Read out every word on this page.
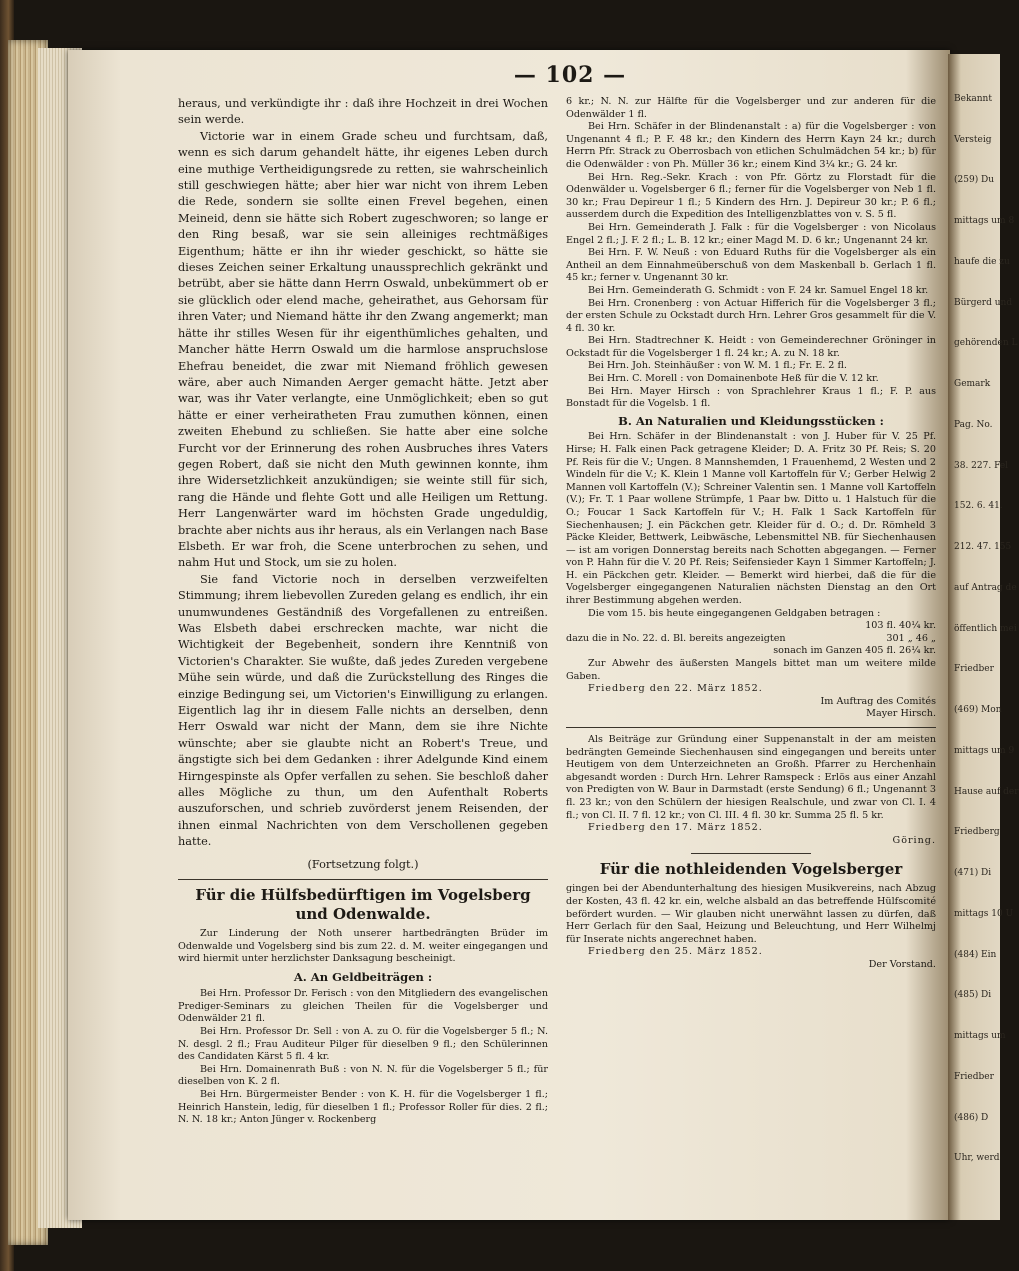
— 102 —

heraus, und verkündigte ihr : daß ihre Hochzeit in drei Wochen sein werde.

Victorie war in einem Grade scheu und furchtsam, daß, wenn es sich darum gehandelt hätte, ihr eigenes Leben durch eine muthige Vertheidigungsrede zu retten, sie wahrscheinlich still geschwiegen hätte; aber hier war nicht von ihrem Leben die Rede, sondern sie sollte einen Frevel begehen, einen Meineid, denn sie hätte sich Robert zugeschworen; so lange er den Ring besaß, war sie sein alleiniges rechtmäßiges Eigenthum; hätte er ihn ihr wieder geschickt, so hätte sie dieses Zeichen seiner Erkaltung unaussprechlich gekränkt und betrübt, aber sie hätte dann Herrn Oswald, unbekümmert ob er sie glücklich oder elend mache, geheirathet, aus Gehorsam für ihren Vater; und Niemand hätte ihr den Zwang angemerkt; man hätte ihr stilles Wesen für ihr eigenthümliches gehalten, und Mancher hätte Herrn Oswald um die harmlose anspruchslose Ehefrau beneidet, die zwar mit Niemand fröhlich gewesen wäre, aber auch Nimanden Aerger gemacht hätte. Jetzt aber war, was ihr Vater verlangte, eine Unmöglichkeit; eben so gut hätte er einer verheiratheten Frau zumuthen können, einen zweiten Ehebund zu schließen. Sie hatte aber eine solche Furcht vor der Erinnerung des rohen Ausbruches ihres Vaters gegen Robert, daß sie nicht den Muth gewinnen konnte, ihm ihre Widersetzlichkeit anzukündigen; sie weinte still für sich, rang die Hände und flehte Gott und alle Heiligen um Rettung. Herr Langenwärter ward im höchsten Grade ungeduldig, brachte aber nichts aus ihr heraus, als ein Verlangen nach Base Elsbeth. Er war froh, die Scene unterbrochen zu sehen, und nahm Hut und Stock, um sie zu holen.

Sie fand Victorie noch in derselben verzweifelten Stimmung; ihrem liebevollen Zureden gelang es endlich, ihr ein unumwundenes Geständniß des Vorgefallenen zu entreißen. Was Elsbeth dabei erschrecken machte, war nicht die Wichtigkeit der Begebenheit, sondern ihre Kenntniß von Victorien's Charakter. Sie wußte, daß jedes Zureden vergebene Mühe sein würde, und daß die Zurückstellung des Ringes die einzige Bedingung sei, um Victorien's Einwilligung zu erlangen. Eigentlich lag ihr in diesem Falle nichts an derselben, denn Herr Oswald war nicht der Mann, dem sie ihre Nichte wünschte; aber sie glaubte nicht an Robert's Treue, und ängstigte sich bei dem Gedanken : ihrer Adelgunde Kind einem Hirngespinste als Opfer verfallen zu sehen. Sie beschloß daher alles Mögliche zu thun, um den Aufenthalt Roberts auszuforschen, und schrieb zuvörderst jenem Reisenden, der ihnen einmal Nachrichten von dem Verschollenen gegeben hatte.

(Fortsetzung folgt.)

Für die Hülfsbedürftigen im Vogelsberg und Odenwalde.

Zur Linderung der Noth unserer hartbedrängten Brüder im Odenwalde und Vogelsberg sind bis zum 22. d. M. weiter eingegangen und wird hiermit unter herzlichster Danksagung bescheinigt.

A. An Geldbeiträgen :

Bei Hrn. Professor Dr. Ferisch : von den Mitgliedern des evangelischen Prediger-Seminars zu gleichen Theilen für die Vogelsberger und Odenwälder 21 fl.

Bei Hrn. Professor Dr. Sell : von A. zu O. für die Vogelsberger 5 fl.; N. N. desgl. 2 fl.; Frau Auditeur Pilger für dieselben 9 fl.; den Schülerinnen des Candidaten Kärst 5 fl. 4 kr.

Bei Hrn. Domainenrath Buß : von N. N. für die Vogelsberger 5 fl.; für dieselben von K. 2 fl.

Bei Hrn. Bürgermeister Bender : von K. H. für die Vogelsberger 1 fl.; Heinrich Hanstein, ledig, für dieselben 1 fl.; Professor Roller für dies. 2 fl.; N. N. 18 kr.; Anton Jünger v. Rockenberg

6 kr.; N. N. zur Hälfte für die Vogelsberger und zur anderen für die Odenwälder 1 fl.

Bei Hrn. Schäfer in der Blindenanstalt : a) für die Vogelsberger : von Ungenannt 4 fl.; P. F. 48 kr.; den Kindern des Herrn Kayn 24 kr.; durch Herrn Pfr. Strack zu Oberrosbach von etlichen Schulmädchen 54 kr.; b) für die Odenwälder : von Ph. Müller 36 kr.; einem Kind 3¼ kr.; G. 24 kr.

Bei Hrn. Reg.-Sekr. Krach : von Pfr. Görtz zu Florstadt für die Odenwälder u. Vogelsberger 6 fl.; ferner für die Vogelsberger von Neb 1 fl. 30 kr.; Frau Depireur 1 fl.; 5 Kindern des Hrn. J. Depireur 30 kr.; P. 6 fl.; ausserdem durch die Expedition des Intelligenzblattes von v. S. 5 fl.

Bei Hrn. Gemeinderath J. Falk : für die Vogelsberger : von Nicolaus Engel 2 fl.; J. F. 2 fl.; L. B. 12 kr.; einer Magd M. D. 6 kr.; Ungenannt 24 kr.

Bei Hrn. F. W. Neuß : von Eduard Ruths für die Vogelsberger als ein Antheil an dem Einnahmeüberschuß von dem Maskenball b. Gerlach 1 fl. 45 kr.; ferner v. Ungenannt 30 kr.

Bei Hrn. Gemeinderath G. Schmidt : von F. 24 kr. Samuel Engel 18 kr.

Bei Hrn. Cronenberg : von Actuar Hifferich für die Vogelsberger 3 fl.; der ersten Schule zu Ockstadt durch Hrn. Lehrer Gros gesammelt für die V. 4 fl. 30 kr.

Bei Hrn. Stadtrechner K. Heidt : von Gemeinderechner Gröninger in Ockstadt für die Vogelsberger 1 fl. 24 kr.; A. zu N. 18 kr.

Bei Hrn. Joh. Steinhäußer : von W. M. 1 fl.; Fr. E. 2 fl.

Bei Hrn. C. Morell : von Domainenbote Heß für die V. 12 kr.

Bei Hrn. Mayer Hirsch : von Sprachlehrer Kraus 1 fl.; F. P. aus Bonstadt für die Vogelsb. 1 fl.

B. An Naturalien und Kleidungsstücken :

Bei Hrn. Schäfer in der Blindenanstalt : von J. Huber für V. 25 Pf. Hirse; H. Falk einen Pack getragene Kleider; D. A. Fritz 30 Pf. Reis; S. 20 Pf. Reis für die V.; Ungen. 8 Mannshemden, 1 Frauenhemd, 2 Westen und 2 Windeln für die V.; K. Klein 1 Manne voll Kartoffeln für V.; Gerber Helwig 2 Mannen voll Kartoffeln (V.); Schreiner Valentin sen. 1 Manne voll Kartoffeln (V.); Fr. T. 1 Paar wollene Strümpfe, 1 Paar bw. Ditto u. 1 Halstuch für die O.; Foucar 1 Sack Kartoffeln für V.; H. Falk 1 Sack Kartoffeln für Siechenhausen; J. ein Päckchen getr. Kleider für d. O.; d. Dr. Römheld 3 Päcke Kleider, Bettwerk, Leibwäsche, Lebensmittel NB. für Siechenhausen — ist am vorigen Donnerstag bereits nach Schotten abgegangen. — Ferner von P. Hahn für die V. 20 Pf. Reis; Seifensieder Kayn 1 Simmer Kartoffeln; J. H. ein Päckchen getr. Kleider. — Bemerkt wird hierbei, daß die für die Vogelsberger eingegangenen Naturalien nächsten Dienstag an den Ort ihrer Bestimmung abgehen werden.

Die vom 15. bis heute eingegangenen Geldgaben betragen :

103 fl. 40¼ kr.

dazu die in No. 22. d. Bl. bereits angezeigten	301 „ 46 „

sonach im Ganzen 405 fl. 26¼ kr.

Zur Abwehr des äußersten Mangels bittet man um weitere milde Gaben.

Friedberg den 22. März 1852.

Im Auftrag des Comités

Mayer Hirsch.

Als Beiträge zur Gründung einer Suppenanstalt in der am meisten bedrängten Gemeinde Siechenhausen sind eingegangen und bereits unter Heutigem von dem Unterzeichneten an Großh. Pfarrer zu Herchenhain abgesandt worden : Durch Hrn. Lehrer Ramspeck : Erlös aus einer Anzahl von Predigten von W. Baur in Darmstadt (erste Sendung) 6 fl.; Ungenannt 3 fl. 23 kr.; von den Schülern der hiesigen Realschule, und zwar von Cl. I. 4 fl.; von Cl. II. 7 fl. 12 kr.; von Cl. III. 4 fl. 30 kr. Summa 25 fl. 5 kr.

Friedberg den 17. März 1852.

Göring.

Für die nothleidenden Vogelsberger

gingen bei der Abendunterhaltung des hiesigen Musikvereins, nach Abzug der Kosten, 43 fl. 42 kr. ein, welche alsbald an das betreffende Hülfscomité befördert wurden. — Wir glauben nicht unerwähnt lassen zu dürfen, daß Herr Gerlach für den Saal, Heizung und Beleuchtung, und Herr Wilhelmj für Inserate nichts angerechnet haben.

Friedberg den 25. März 1852.

Der Vorstand.

Bekannt
Versteig
(259) Du
mittags um 8
haufe die zu
Bürgerd und
gehörenden L
Gemark
Pag. No.
38. 227. Fel
152. 6. 41.
212. 47. 155
auf Antrag de
öffentlich mei
Friedber
(469) Mon
mittags um 9
Hause auf der
Friedberg
(471) Di
mittags 10 U
(484) Ein
(485) Di
mittags um
Friedber
(486) D
Uhr, werd
